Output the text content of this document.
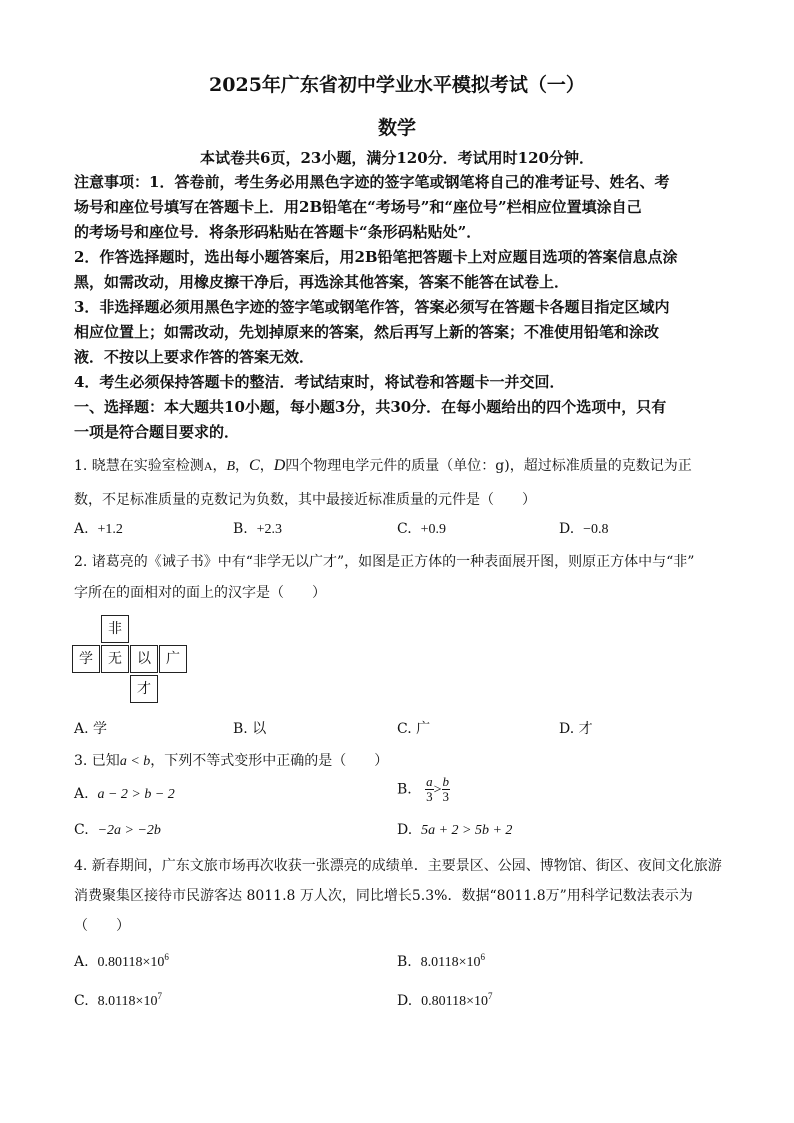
2025年广东省初中学业水平模拟考试（一）
数学
本试卷共6页，23小题，满分120分．考试用时120分钟．
注意事项：1．答卷前，考生务必用黑色字迹的签字笔或钢笔将自己的准考证号、姓名、考
场号和座位号填写在答题卡上．用2B铅笔在“考场号”和“座位号”栏相应位置填涂自己
的考场号和座位号．将条形码粘贴在答题卡“条形码粘贴处”．
2．作答选择题时，选出每小题答案后，用2B铅笔把答题卡上对应题目选项的答案信息点涂
黑，如需改动，用橡皮擦干净后，再选涂其他答案，答案不能答在试卷上．
3．非选择题必须用黑色字迹的签字笔或钢笔作答，答案必须写在答题卡各题目指定区域内
相应位置上；如需改动，先划掉原来的答案，然后再写上新的答案；不准使用铅笔和涂改
液．不按以上要求作答的答案无效．
4．考生必须保持答题卡的整洁．考试结束时，将试卷和答题卡一并交回．
一、选择题：本大题共10小题，每小题3分，共30分．在每小题给出的四个选项中，只有
一项是符合题目要求的．
1. 晓慧在实验室检测A，B，C，D四个物理电学元件的质量（单位：g)，超过标准质量的克数记为正
数，不足标准质量的克数记为负数，其中最接近标准质量的元件是（　　）
A. +1.2	B. +2.3	C. +0.9	D. −0.8
2. 诸葛亮的《诫子书》中有“非学无以广才”，如图是正方体的一种表面展开图，则原正方体中与“非”
字所在的面相对的面上的汉字是（　　）
非
学	无	以	广
才
A. 学	B. 以	C. 广	D. 才
3. 已知a < b，下列不等式变形中正确的是（　　）
A. a − 2 > b − 2	B. $\frac{a}{3} > \frac{b}{3}$
C. −2a > −2b	D. 5a + 2 > 5b + 2
4. 新春期间，广东文旅市场再次收获一张漂亮的成绩单．主要景区、公园、博物馆、街区、夜间文化旅游
消费聚集区接待市民游客达 8011.8 万人次，同比增长5.3%．数据“8011.8万”用科学记数法表示为
（　　）
A. $0.80118\times 10^6$	B. $8.0118\times 10^6$
C. $8.0118\times 10^7$	D. $0.80118\times 10^7$
